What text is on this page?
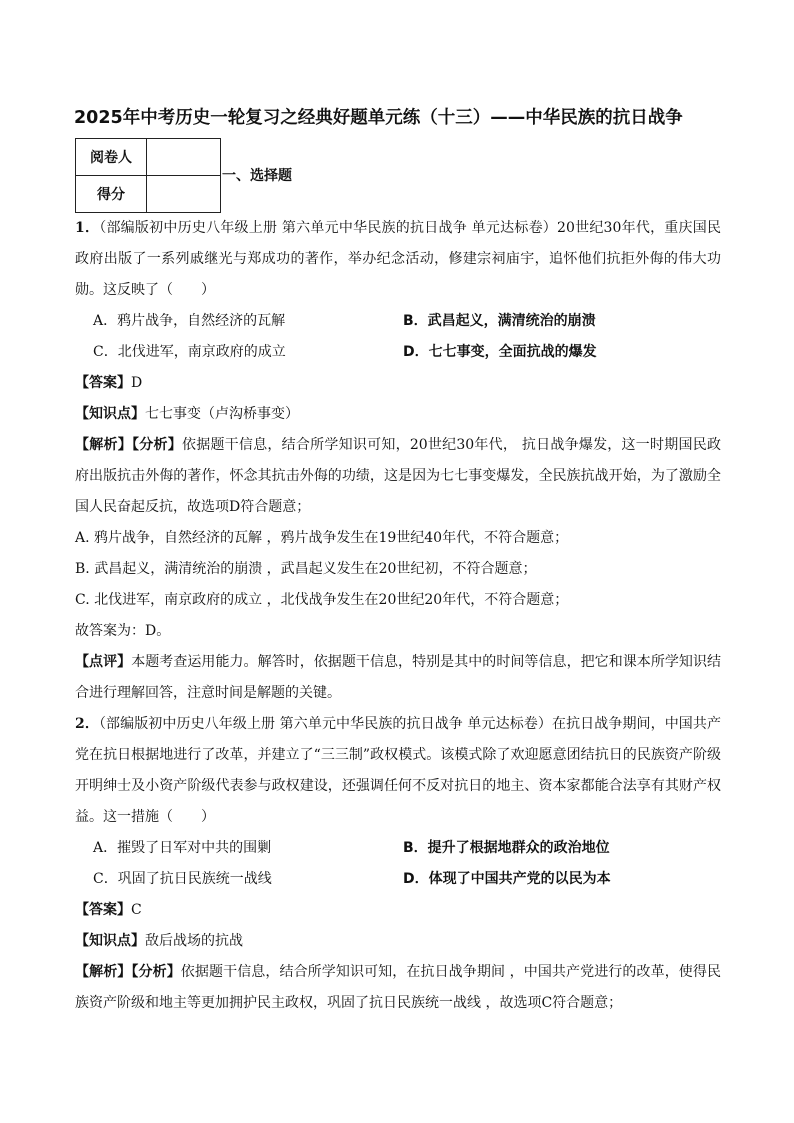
2025年中考历史一轮复习之经典好题单元练（十三）——中华民族的抗日战争
阅卷人	
得分	
一、选择题

1．（部编版初中历史八年级上册 第六单元中华民族的抗日战争 单元达标卷）20世纪30年代，重庆国民政府出版了一系列戚继光与郑成功的著作，举办纪念活动，修建宗祠庙宇，追怀他们抗拒外侮的伟大功勋。这反映了（　　）

A．鸦片战争，自然经济的瓦解	B．武昌起义，满清统治的崩溃

C．北伐进军，南京政府的成立	D．七七事变，全面抗战的爆发

【答案】D

【知识点】七七事变（卢沟桥事变）

【解析】【分析】依据题干信息，结合所学知识可知，20世纪30年代， 抗日战争爆发，这一时期国民政府出版抗击外侮的著作，怀念其抗击外侮的功绩，这是因为七七事变爆发，全民族抗战开始，为了激励全国人民奋起反抗，故选项D符合题意；

A. 鸦片战争，自然经济的瓦解 ，鸦片战争发生在19世纪40年代，不符合题意；

B. 武昌起义，满清统治的崩溃 ，武昌起义发生在20世纪初，不符合题意；

C. 北伐进军，南京政府的成立 ，北伐战争发生在20世纪20年代，不符合题意；

故答案为：D。

【点评】本题考查运用能力。解答时，依据题干信息，特别是其中的时间等信息，把它和课本所学知识结合进行理解回答，注意时间是解题的关键。

2．（部编版初中历史八年级上册 第六单元中华民族的抗日战争 单元达标卷）在抗日战争期间，中国共产党在抗日根据地进行了改革，并建立了“三三制”政权模式。该模式除了欢迎愿意团结抗日的民族资产阶级开明绅士及小资产阶级代表参与政权建设，还强调任何不反对抗日的地主、资本家都能合法享有其财产权益。这一措施（　　）

A．摧毁了日军对中共的围剿	B．提升了根据地群众的政治地位

C．巩固了抗日民族统一战线	D．体现了中国共产党的以民为本

【答案】C

【知识点】敌后战场的抗战

【解析】【分析】依据题干信息，结合所学知识可知，在抗日战争期间 ，中国共产党进行的改革，使得民族资产阶级和地主等更加拥护民主政权，巩固了抗日民族统一战线 ，故选项C符合题意；
